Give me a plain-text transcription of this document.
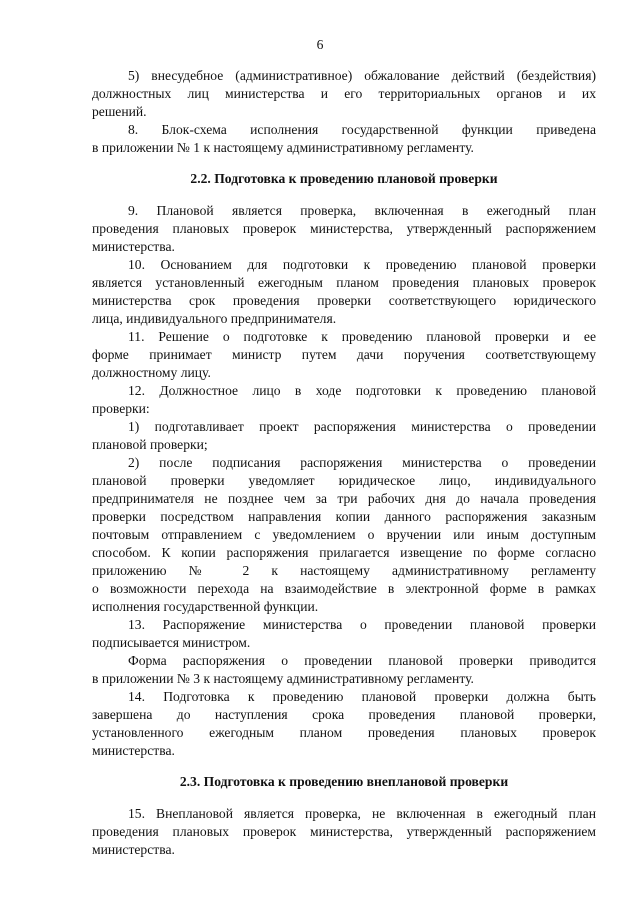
6
5) внесудебное (административное) обжалование действий (бездействия)
должностных лиц министерства и его территориальных органов и их
решений.
8. Блок-схема исполнения государственной функции приведена
в приложении № 1 к настоящему административному регламенту.
2.2. Подготовка к проведению плановой проверки
9. Плановой является проверка, включенная в ежегодный план
проведения плановых проверок министерства, утвержденный распоряжением
министерства.
10. Основанием для подготовки к проведению плановой проверки
является установленный ежегодным планом проведения плановых проверок
министерства срок проведения проверки соответствующего юридического
лица, индивидуального предпринимателя.
11. Решение о подготовке к проведению плановой проверки и ее
форме принимает министр путем дачи поручения соответствующему
должностному лицу.
12. Должностное лицо в ходе подготовки к проведению плановой
проверки:
1) подготавливает проект распоряжения министерства о проведении
плановой проверки;
2) после подписания распоряжения министерства о проведении
плановой проверки уведомляет юридическое лицо, индивидуального
предпринимателя не позднее чем за три рабочих дня до начала проведения
проверки посредством направления копии данного распоряжения заказным
почтовым отправлением с уведомлением о вручении или иным доступным
способом. К копии распоряжения прилагается извещение по форме согласно
приложению № 2 к настоящему административному регламенту
о возможности перехода на взаимодействие в электронной форме в рамках
исполнения государственной функции.
13. Распоряжение министерства о проведении плановой проверки
подписывается министром.
Форма распоряжения о проведении плановой проверки приводится
в приложении № 3 к настоящему административному регламенту.
14. Подготовка к проведению плановой проверки должна быть
завершена до наступления срока проведения плановой проверки,
установленного ежегодным планом проведения плановых проверок
министерства.
2.3. Подготовка к проведению внеплановой проверки
15. Внеплановой является проверка, не включенная в ежегодный план
проведения плановых проверок министерства, утвержденный распоряжением
министерства.
